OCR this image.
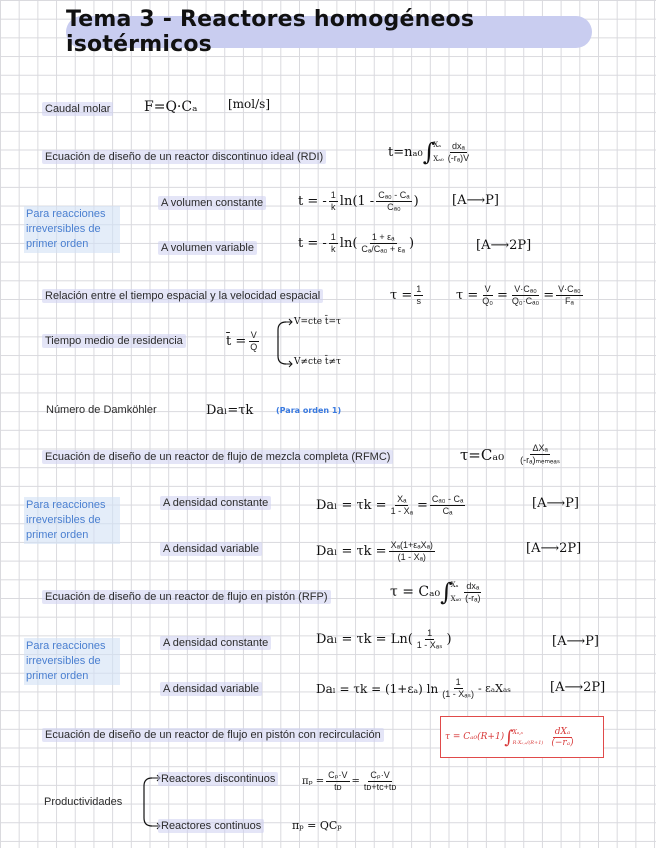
Tema 3 - Reactores homogéneos isotérmicos
Caudal molar F=Q·Cₐ	[mol/s]
Ecuación de diseño de un reactor discontinuo ideal (RDI)	t=nₐ₀ ∫
Xₐ
$X_{a0} \frac{\text{dxₐ}}{\text{(-rₐ)V}}$
Para reacciones irreversibles de primer orden
A volumen constante	t = - $\frac{1}{k} \ln(1 - \frac{\text{Cₐ₀ - Cₐ}}{\text{Cₐ₀}}$ )	[A⟶P]
A volumen variable	t = - $\frac{1}{k} \ln( \frac{\text{1 + εₐ}}{\text{Cₐ/Cₐ₀ + εₐ}}$ )	[A⟶2P]
Relación entre el tiempo espacial y la velocidad espacial	$\tau = \frac{1}{s}$	$\tau = \frac{V}{\text{Q₀}} = \frac{\text{V·Cₐ₀}}{\text{Q₀·Cₐ₀}} = \frac{\text{V·Cₐ₀}}{\text{Fₐ}}$
Tiempo medio de residencia	t̄ = $\frac{V}{Q}$
V=cte t̄=τ
V≠cte t̄≠τ
Número de Damköhler	Daₗ=τk	(Para orden 1)
Ecuación de diseño de un reactor de flujo de mezcla completa (RFMC)	$\tau=C_{a0} \frac{\text{ΔXₐ}}{\text{(-rₐ)ₘₑₘₑₐₛ}}$
Para reacciones irreversibles de primer orden
A densidad constante	$Da_l = \tau k = \frac{\text{Xₐ}}{\text{1 - Xₐ}} = \frac{\text{Cₐ₀ - Cₐ}}{\text{Cₐ}}$	[A⟶P]
A densidad variable	$Da_l = \tau k = \frac{\text{Xₐ(1+εₐXₐ)}}{\text{(1 - Xₐ)}}$	[A⟶2P]
Ecuación de diseño de un reactor de flujo en pistón (RFP)	τ = Cₐ₀ ∫
Xₐ
$X_{a0} \frac{\text{dxₐ}}{\text{(-rₐ)}}$
Para reacciones irreversibles de primer orden
A densidad constante	$Da_l = \tau k = Ln( \frac{1}{\text{1 - Xₐₛ}}$ )	[A⟶P]
A densidad variable	Daₗ = τk = (1+εₐ) $\ln \frac{1}{\text{(1 - Xₐₛ)}}$ - εₐXₐₛ	[A⟶2P]
Ecuación de diseño de un reactor de flujo en pistón con recirculación	τ = Cₐ₀(R+1) ∫ Xₐ,ₛ
R·Xₐ,ₛ/(R+1)
dXₐ
(−rₐ)
Productividades
Reactores discontinuos	$\pi_p = \frac{\text{Cₚ·V}}{\text{tᴅ}} = \frac{\text{Cₚ·V}}{\text{tᴅ+tᴄ+tᴅ}}$
Reactores continuos	πₚ = QCₚ
